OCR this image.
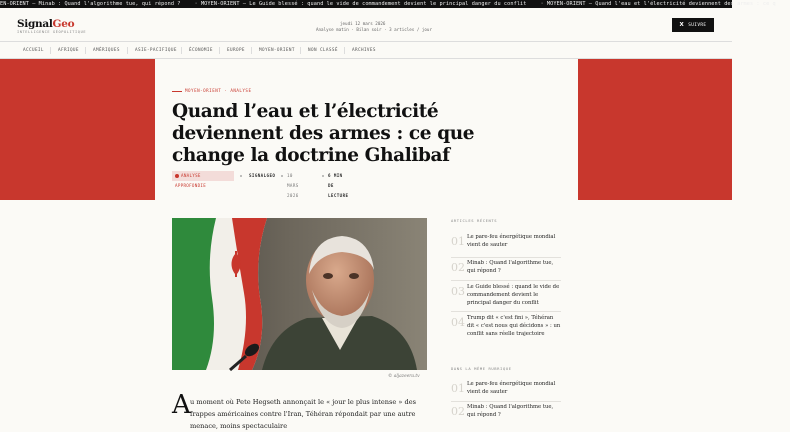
EN-ORIENT — Minab : Quand l'algorithme tue, qui répond ?	· MOYEN-ORIENT — Le Guide blessé : quand le vide de commandement devient le principal danger du conflit	· MOYEN-ORIENT — Quand l'eau et l'électricité deviennent des armes : ce q
SignalGeo
INTELLIGENCE GÉOPOLITIQUE
jeudi 12 mars 2026
Analyse matin · Bilan soir · 3 articles / jour
X SUIVRE
ACCUEIL	AFRIQUE	AMÉRIQUES	ASIE-PACIFIQUE	ÉCONOMIE	EUROPE	MOYEN-ORIENT	NON CLASSÉ	ARCHIVES
MOYEN-ORIENT · ANALYSE
Quand l’eau et l’électricité deviennent des armes : ce que change la doctrine Ghalibaf
ANALYSE APPROFONDIE
SIGNALGEO	10 MARS 2026
6 MIN DE LECTURE
© aljazeera.tv
A u moment où Pete Hegseth annonçait le « jour le plus intense » des frappes américaines contre l'Iran, Téhéran répondait par une autre menace, moins spectaculaire

ARTICLES RÉCENTS
01 Le pare-feu énergétique mondial vient de sauter
02 Minab : Quand l'algorithme tue, qui répond ?
03 Le Guide blessé : quand le vide de commandement devient le principal danger du conflit
04 Trump dit « c'est fini », Téhéran dit « c'est nous qui décidons » : un conflit sans réelle trajectoire
DANS LA MÊME RUBRIQUE
01 Le pare-feu énergétique mondial vient de sauter
02 Minab : Quand l'algorithme tue, qui répond ?
